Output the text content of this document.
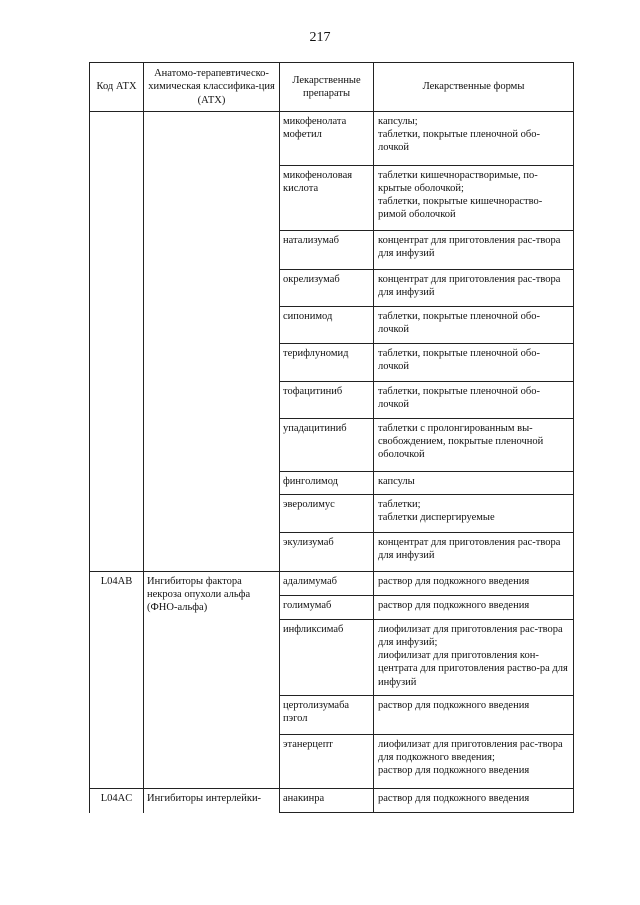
217
Код АТХ	Анатомо-терапевтическо-химическая классифика-ция (АТХ)	Лекарственные препараты	Лекарственные формы
		микофенолата мофетил	капсулы;
таблетки, покрытые пленочной обо-лочкой

		микофеноловая кислота	таблетки кишечнорастворимые, по-крытые оболочкой;
таблетки, покрытые кишечнораство-римой оболочкой

		натализумаб	концентрат для приготовления рас-твора для инфузий

		окрелизумаб	концентрат для приготовления рас-твора для инфузий

		сипонимод	таблетки, покрытые пленочной обо-лочкой

		терифлуномид	таблетки, покрытые пленочной обо-лочкой

		тофацитиниб	таблетки, покрытые пленочной обо-лочкой

		упадацитиниб	таблетки с пролонгированным вы-свобождением, покрытые пленочной оболочкой

		финголимод	капсулы

		эверолимус	таблетки;
таблетки диспергируемые

		экулизумаб	концентрат для приготовления рас-твора для инфузий

L04AB	Ингибиторы фактора некроза опухоли альфа (ФНО-альфа)	адалимумаб	раствор для подкожного введения

		голимумаб	раствор для подкожного введения

		инфликсимаб	лиофилизат для приготовления рас-твора для инфузий;
лиофилизат для приготовления кон-центрата для приготовления раство-ра для инфузий

		цертолизумаба пэгол	раствор для подкожного введения

		этанерцепт	лиофилизат для приготовления рас-твора для подкожного введения;
раствор для подкожного введения

L04AC	Ингибиторы интерлейки-	анакинра	раствор для подкожного введения
